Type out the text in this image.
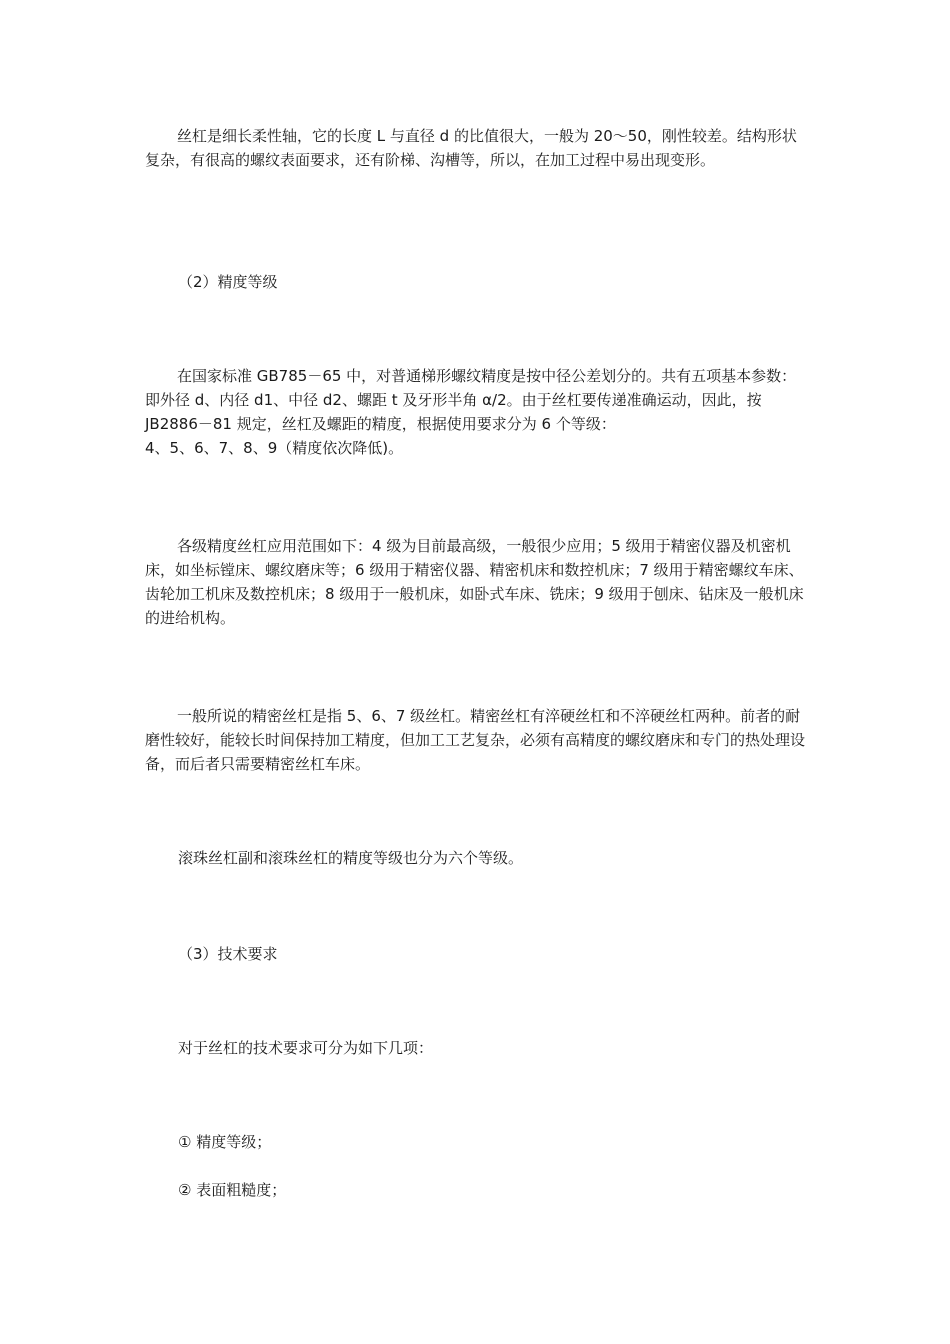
丝杠是细长柔性轴，它的长度 L 与直径 d 的比值很大，一般为 20～50，刚性较差。结构形状复杂，有很高的螺纹表面要求，还有阶梯、沟槽等，所以，在加工过程中易出现变形。

（2）精度等级

在国家标准 GB785－65 中，对普通梯形螺纹精度是按中径公差划分的。共有五项基本参数：即外径 d、内径 d1、中径 d2、螺距 t 及牙形半角 α/2。由于丝杠要传递准确运动，因此，按 JB2886－81 规定，丝杠及螺距的精度，根据使用要求分为 6 个等级：

4、5、6、7、8、9（精度依次降低)。

各级精度丝杠应用范围如下：4 级为目前最高级，一般很少应用；5 级用于精密仪器及机密机床，如坐标镗床、螺纹磨床等；6 级用于精密仪器、精密机床和数控机床；7 级用于精密螺纹车床、齿轮加工机床及数控机床；8 级用于一般机床，如卧式车床、铣床；9 级用于刨床、钻床及一般机床的进给机构。

一般所说的精密丝杠是指 5、6、7 级丝杠。精密丝杠有淬硬丝杠和不淬硬丝杠两种。前者的耐磨性较好，能较长时间保持加工精度，但加工工艺复杂，必须有高精度的螺纹磨床和专门的热处理设备，而后者只需要精密丝杠车床。

滚珠丝杠副和滚珠丝杠的精度等级也分为六个等级。

（3）技术要求

对于丝杠的技术要求可分为如下几项：

① 精度等级；

② 表面粗糙度；
